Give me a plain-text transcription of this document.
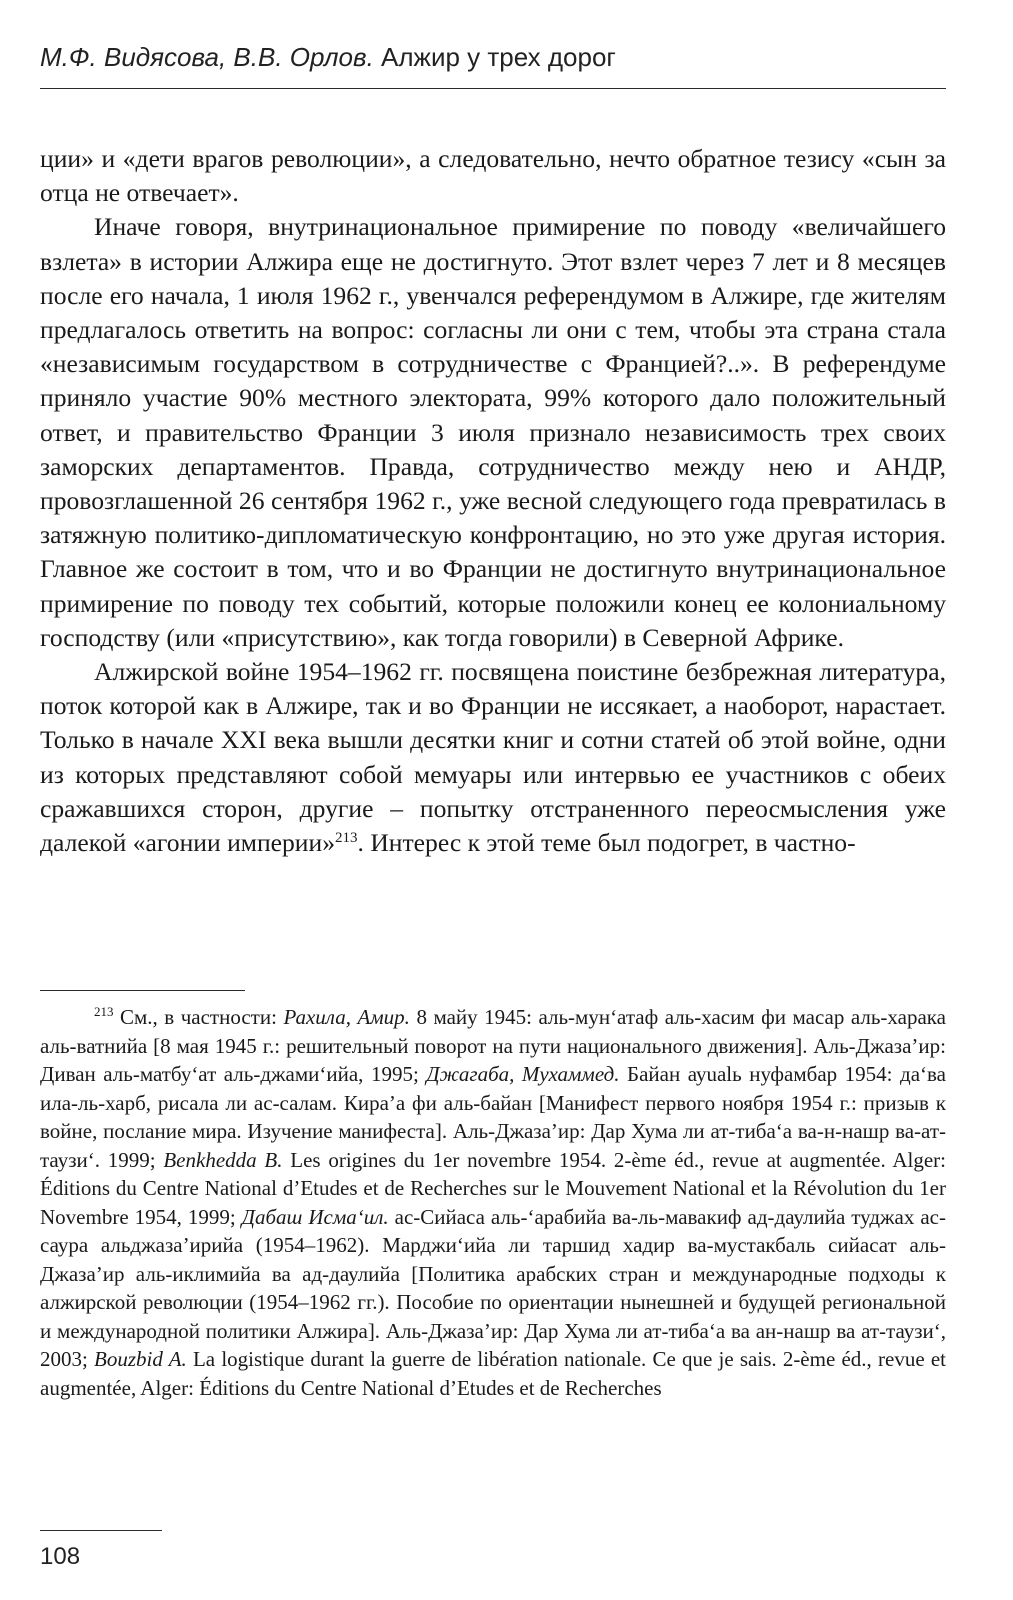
М.Ф. Видясова, В.В. Орлов. Алжир у трех дорог

ции» и «дети врагов революции», а следовательно, нечто обратное тезису «сын за отца не отвечает».

Иначе говоря, внутринациональное примирение по поводу «величайшего взлета» в истории Алжира еще не достигнуто. Этот взлет через 7 лет и 8 месяцев после его начала, 1 июля 1962 г., увенчался референдумом в Алжире, где жителям предлагалось ответить на вопрос: согласны ли они с тем, чтобы эта страна стала «независимым государством в сотрудничестве с Францией?..». В референдуме приняло участие 90% местного электората, 99% которого дало положительный ответ, и правительство Франции 3 июля признало независимость трех своих заморских департаментов. Правда, сотрудничество между нею и АНДР, провозглашенной 26 сентября 1962 г., уже весной следующего года превратилась в затяжную политико-дипломатическую конфронтацию, но это уже другая история. Главное же состоит в том, что и во Франции не достигнуто внутринациональное примирение по поводу тех событий, которые положили конец ее колониальному господству (или «присутствию», как тогда говорили) в Северной Африке.

Алжирской войне 1954–1962 гг. посвящена поистине безбрежная литература, поток которой как в Алжире, так и во Франции не иссякает, а наоборот, нарастает. Только в начале XXI века вышли десятки книг и сотни статей об этой войне, одни из которых представляют собой мемуары или интервью ее участников с обеих сражавшихся сторон, другие – попытку отстраненного переосмысления уже далекой «агонии империи»$^{213}$. Интерес к этой теме был подогрет, в частно-

$^{213}$ См., в частности: Рахила, Амир. 8 майу 1945: аль-мун‘атаф аль-хасим фи масар аль-харака аль-ватнийа [8 мая 1945 г.: решительный поворот на пути национального движения]. Аль-Джаза’ир: Диван аль-матбу‘ат аль-джами‘ийа, 1995; Джагаба, Мухаммед. Байан ауualь нуфамбар 1954: да‘ва ила-ль-харб, рисала ли ас-салам. Кира’а фи аль-байан [Манифест первого ноября 1954 г.: призыв к войне, послание мира. Изучение манифеста]. Аль-Джаза’ир: Дар Хума ли ат-тиба‘а ва-н-нашр ва-ат-таузи‘. 1999; Benkhedda B. Les origines du 1er novembre 1954. 2-ème éd., revue at augmentée. Alger: Éditions du Centre National d’Etudes et de Recherches sur le Mouvement National et la Révolution du 1er Novembre 1954, 1999; Дабаш Исма‘ил. ас-Сийаса аль-‘арабийа ва-ль-мавакиф ад-даулийа туджах ас-саура альджаза’ирийа (1954–1962). Марджи‘ийа ли таршид хадир ва-мустакбаль сийасат аль-Джаза’ир аль-иклимийа ва ад-даулийа [Политика арабских стран и международные подходы к алжирской революции (1954–1962 гг.). Пособие по ориентации нынешней и будущей региональной и международной политики Алжира]. Аль-Джаза’ир: Дар Хума ли ат-тиба‘а ва ан-нашр ва ат-таузи‘, 2003; Bouzbid A. La logistique durant la guerre de libération nationale. Ce que je sais. 2-ème éd., revue et augmentée, Alger: Éditions du Centre National d’Etudes et de Recherches
108
